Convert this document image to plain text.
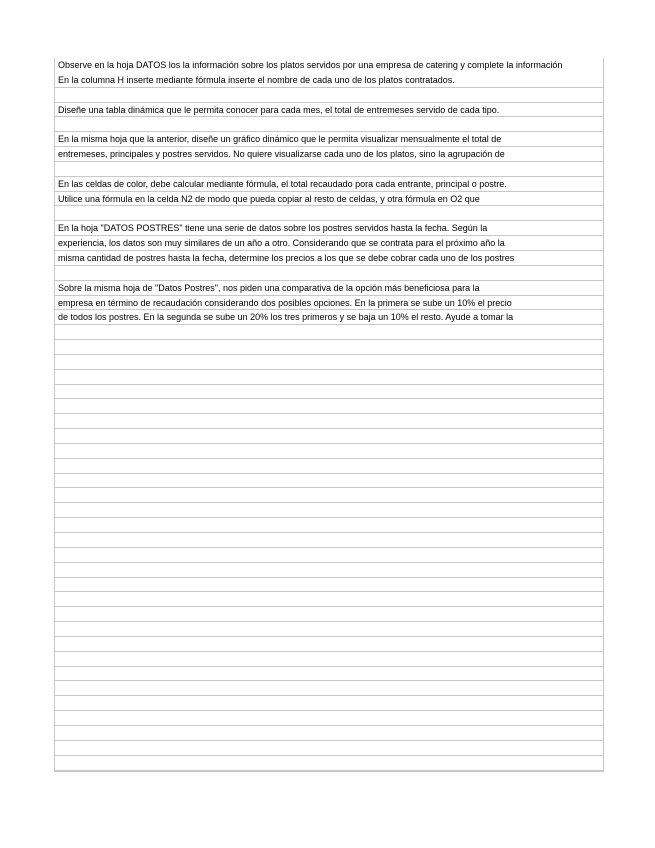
Observe en la hoja DATOS los la información sobre los platos servidos por una empresa de catering y complete la información
En la columna H inserte mediante fórmula inserte el nombre de cada uno de los platos contratados.
Diseñe una tabla dinámica que le permita conocer para cada mes, el total de entremeses servido de cada tipo.
En la misma hoja que la anterior, diseñe un gráfico dinámico que le permita visualizar mensualmente el total de
entremeses, principales y postres servidos. No quiere visualizarse cada uno de los platos, sino la agrupación de
En las celdas de color, debe calcular mediante fórmula, el total recaudado pora cada entrante, principal o postre.
Utilice una fórmula en la celda N2 de modo que pueda copiar al resto de celdas, y otra fórmula en O2 que
En la hoja "DATOS POSTRES" tiene una serie de datos sobre los postres servidos hasta la fecha. Según la
experiencia, los datos son muy similares de un año a otro. Considerando que se contrata para el próximo año la
misma cantidad de postres hasta la fecha, determine los precios a los que se debe cobrar cada uno de los postres
Sobre la misma hoja de "Datos Postres", nos piden una comparativa de la opción más beneficiosa para la
empresa en término de recaudación considerando dos posibles opciones. En la primera se sube un 10% el precio
de todos los postres. En la segunda se sube un 20% los tres primeros y se baja un 10% el resto. Ayude a tomar la
